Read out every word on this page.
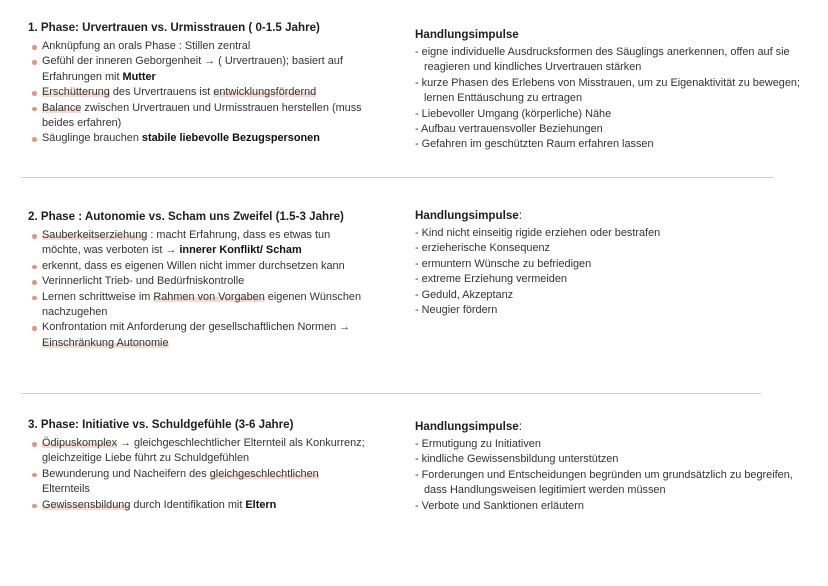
1. Phase: Urvertrauen vs. Urmisstrauen ( 0-1.5 Jahre)
Anknüpfung an orals Phase : Stillen zentral
Gefühl der inneren Geborgenheit → ( Urvertrauen); basiert auf Erfahrungen mit Mutter
Erschütterung des Urvertrauens ist entwicklungsfördernd
Balance zwischen Urvertrauen und Urmisstrauen herstellen (muss beides erfahren)
Säuglinge brauchen stabile liebevolle Bezugspersonen
Handlungsimpulse
- eigne individuelle Ausdrucksformen des Säuglings anerkennen, offen auf sie reagieren und kindliches Urvertrauen stärken
- kurze Phasen des Erlebens von Misstrauen, um zu Eigenaktivität zu bewegen; lernen Enttäuschung zu ertragen
- Liebevoller Umgang (körperliche) Nähe
- Aufbau vertrauensvoller Beziehungen
- Gefahren im geschützten Raum erfahren lassen
2. Phase : Autonomie vs. Scham uns Zweifel (1.5-3 Jahre)
Sauberkeitserziehung : macht Erfahrung, dass es etwas tun möchte, was verboten ist → innerer Konflikt/ Scham
erkennt, dass es eigenen Willen nicht immer durchsetzen kann
Verinnerlicht Trieb- und Bedürfniskontrolle
Lernen schrittweise im Rahmen von Vorgaben eigenen Wünschen nachzugehen
Konfrontation mit Anforderung der gesellschaftlichen Normen → Einschränkung Autonomie
Handlungsimpulse:
- Kind nicht einseitig rigide erziehen oder bestrafen
- erzieherische Konsequenz
- ermuntern Wünsche zu befriedigen
- extreme Erziehung vermeiden
- Geduld, Akzeptanz
- Neugier fördern
3. Phase: Initiative vs. Schuldgefühle (3-6 Jahre)
Ödipuskomplex → gleichgeschlechtlicher Elternteil als Konkurrenz; gleichzeitige Liebe führt zu Schuldgefühlen
Bewunderung und Nacheifern des gleichgeschlechtlichen Elternteils
Gewissensbildung durch Identifikation mit Eltern
Handlungsimpulse:
- Ermutigung zu Initiativen
- kindliche Gewissensbildung unterstützen
- Forderungen und Entscheidungen begründen um grundsätzlich zu begreifen, dass Handlungsweisen legitimiert werden müssen
- Verbote und Sanktionen erläutern
